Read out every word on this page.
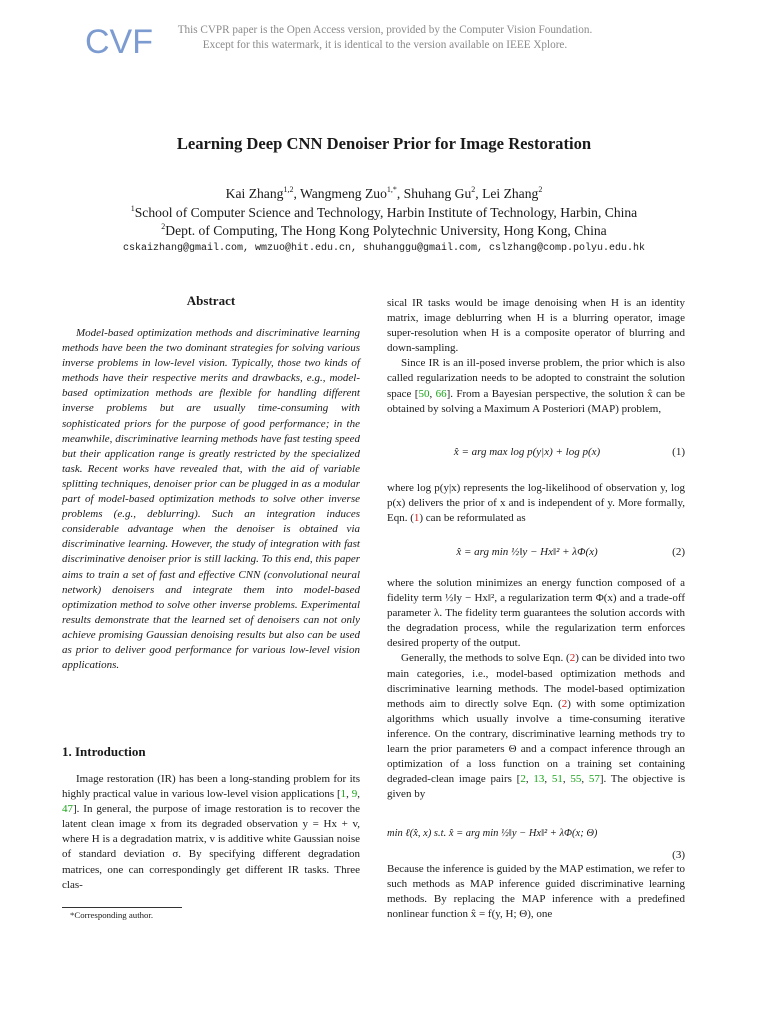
CVF	This CVPR paper is the Open Access version, provided by the Computer Vision Foundation.
Except for this watermark, it is identical to the version available on IEEE Xplore.
Learning Deep CNN Denoiser Prior for Image Restoration
Kai Zhang$^{1,2}$, Wangmeng Zuo$^{1,*}$, Shuhang Gu$^2$, Lei Zhang$^2$
$^1$School of Computer Science and Technology, Harbin Institute of Technology, Harbin, China
$^2$Dept. of Computing, The Hong Kong Polytechnic University, Hong Kong, China
cskaizhang@gmail.com, wmzuo@hit.edu.cn, shuhanggu@gmail.com, cslzhang@comp.polyu.edu.hk
Abstract

Model-based optimization methods and discriminative learning methods have been the two dominant strategies for solving various inverse problems in low-level vision. Typically, those two kinds of methods have their respective merits and drawbacks, e.g., model-based optimization methods are flexible for handling different inverse problems but are usually time-consuming with sophisticated priors for the purpose of good performance; in the meanwhile, discriminative learning methods have fast testing speed but their application range is greatly restricted by the specialized task. Recent works have revealed that, with the aid of variable splitting techniques, denoiser prior can be plugged in as a modular part of model-based optimization methods to solve other inverse problems (e.g., deblurring). Such an integration induces considerable advantage when the denoiser is obtained via discriminative learning. However, the study of integration with fast discriminative denoiser prior is still lacking. To this end, this paper aims to train a set of fast and effective CNN (convolutional neural network) denoisers and integrate them into model-based optimization method to solve other inverse problems. Experimental results demonstrate that the learned set of denoisers can not only achieve promising Gaussian denoising results but also can be used as prior to deliver good performance for various low-level vision applications.

1. Introduction

Image restoration (IR) has been a long-standing problem for its highly practical value in various low-level vision applications [1, 9, 47]. In general, the purpose of image restoration is to recover the latent clean image x from its degraded observation y = Hx + v, where H is a degradation matrix, v is additive white Gaussian noise of standard deviation σ. By specifying different degradation matrices, one can correspondingly get different IR tasks. Three clas-

*Corresponding author.

sical IR tasks would be image denoising when H is an identity matrix, image deblurring when H is a blurring operator, image super-resolution when H is a composite operator of blurring and down-sampling.

Since IR is an ill-posed inverse problem, the prior which is also called regularization needs to be adopted to constraint the solution space [50, 66]. From a Bayesian perspective, the solution x̂ can be obtained by solving a Maximum A Posteriori (MAP) problem,

x̂ = arg max log p(y|x) + log p(x)	(1)

where log p(y|x) represents the log-likelihood of observation y, log p(x) delivers the prior of x and is independent of y. More formally, Eqn. (1) can be reformulated as

x̂ = arg min ½‖y − Hx‖² + λΦ(x)	(2)

where the solution minimizes an energy function composed of a fidelity term ½‖y − Hx‖², a regularization term Φ(x) and a trade-off parameter λ. The fidelity term guarantees the solution accords with the degradation process, while the regularization term enforces desired property of the output.

Generally, the methods to solve Eqn. (2) can be divided into two main categories, i.e., model-based optimization methods and discriminative learning methods. The model-based optimization methods aim to directly solve Eqn. (2) with some optimization algorithms which usually involve a time-consuming iterative inference. On the contrary, discriminative learning methods try to learn the prior parameters Θ and a compact inference through an optimization of a loss function on a training set containing degraded-clean image pairs [2, 13, 51, 55, 57]. The objective is given by

min ℓ(x̂, x) s.t. x̂ = arg min ½‖y − Hx‖² + λΦ(x; Θ)
(3)

Because the inference is guided by the MAP estimation, we refer to such methods as MAP inference guided discriminative learning methods. By replacing the MAP inference with a predefined nonlinear function x̂ = f(y, H; Θ), one
